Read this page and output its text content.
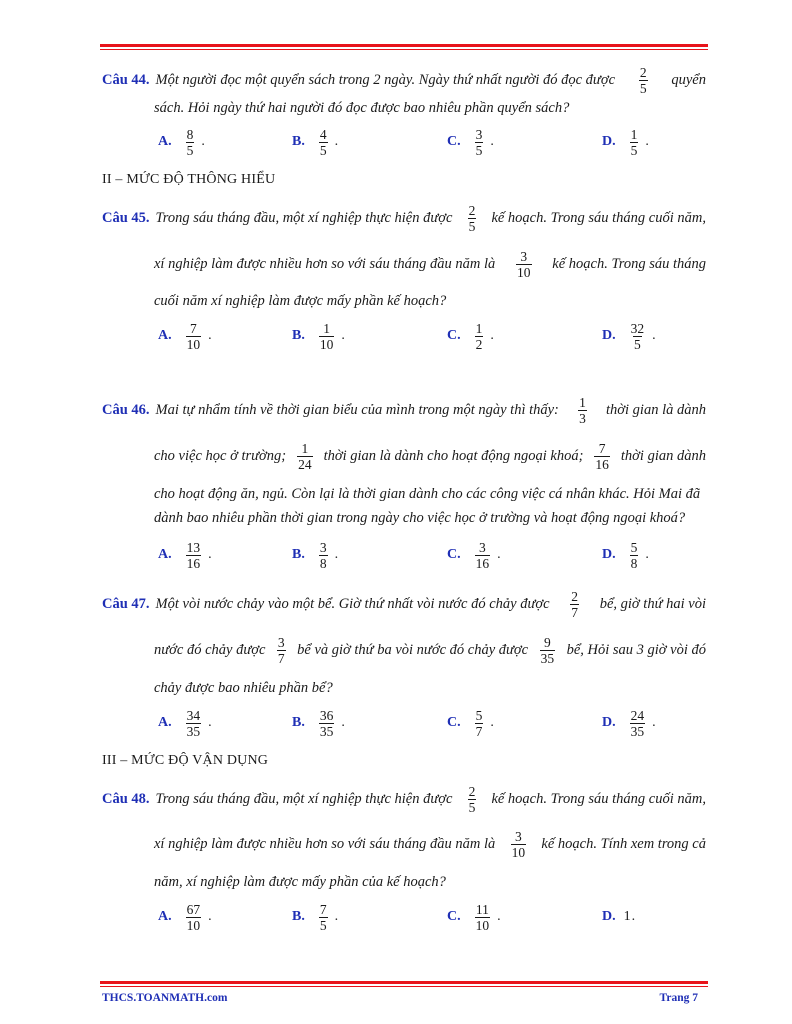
Câu 44. Một người đọc một quyển sách trong 2 ngày. Ngày thứ nhất người đó đọc được $\frac{2}{5}$ quyển
sách. Hỏi ngày thứ hai người đó đọc được bao nhiêu phần quyển sách?
A. $\frac{8}{5}$ .	B. $\frac{4}{5}$ .	C. $\frac{3}{5}$ .	D. $\frac{1}{5}$ .
II – MỨC ĐỘ THÔNG HIỂU
Câu 45. Trong sáu tháng đầu, một xí nghiệp thực hiện được $\frac{2}{5}$ kế hoạch. Trong sáu tháng cuối năm,
xí nghiệp làm được nhiều hơn so với sáu tháng đầu năm là $\frac{3}{10}$ kế hoạch. Trong sáu tháng
cuối năm xí nghiệp làm được mấy phần kế hoạch?
A. $\frac{7}{10}$ .	B. $\frac{1}{10}$ .	C. $\frac{1}{2}$ .	D. $\frac{32}{5}$ .
Câu 46. Mai tự nhẩm tính về thời gian biểu của mình trong một ngày thì thấy: $\frac{1}{3}$ thời gian là dành
cho việc học ở trường; $\frac{1}{24}$ thời gian là dành cho hoạt động ngoại khoá; $\frac{7}{16}$ thời gian dành
cho hoạt động ăn, ngủ. Còn lại là thời gian dành cho các công việc cá nhân khác. Hỏi Mai đã
dành bao nhiêu phần thời gian trong ngày cho việc học ở trường và hoạt động ngoại khoá?
A. $\frac{13}{16}$ .	B. $\frac{3}{8}$ .	C. $\frac{3}{16}$ .	D. $\frac{5}{8}$ .
Câu 47. Một vòi nước chảy vào một bể. Giờ thứ nhất vòi nước đó chảy được $\frac{2}{7}$ bể, giờ thứ hai vòi
nước đó chảy được $\frac{3}{7}$ bể và giờ thứ ba vòi nước đó chảy được $\frac{9}{35}$ bể, Hỏi sau 3 giờ vòi đó
chảy được bao nhiêu phần bể?
A. $\frac{34}{35}$ .	B. $\frac{36}{35}$ .	C. $\frac{5}{7}$ .	D. $\frac{24}{35}$ .
III – MỨC ĐỘ VẬN DỤNG
Câu 48. Trong sáu tháng đầu, một xí nghiệp thực hiện được $\frac{2}{5}$ kế hoạch. Trong sáu tháng cuối năm,
xí nghiệp làm được nhiều hơn so với sáu tháng đầu năm là $\frac{3}{10}$ kế hoạch. Tính xem trong cả
năm, xí nghiệp làm được mấy phần của kế hoạch?
A. $\frac{67}{10}$ .	B. $\frac{7}{5}$ .	C. $\frac{11}{10}$ .	D. 1 .
THCS.TOANMATH.com	Trang 7
